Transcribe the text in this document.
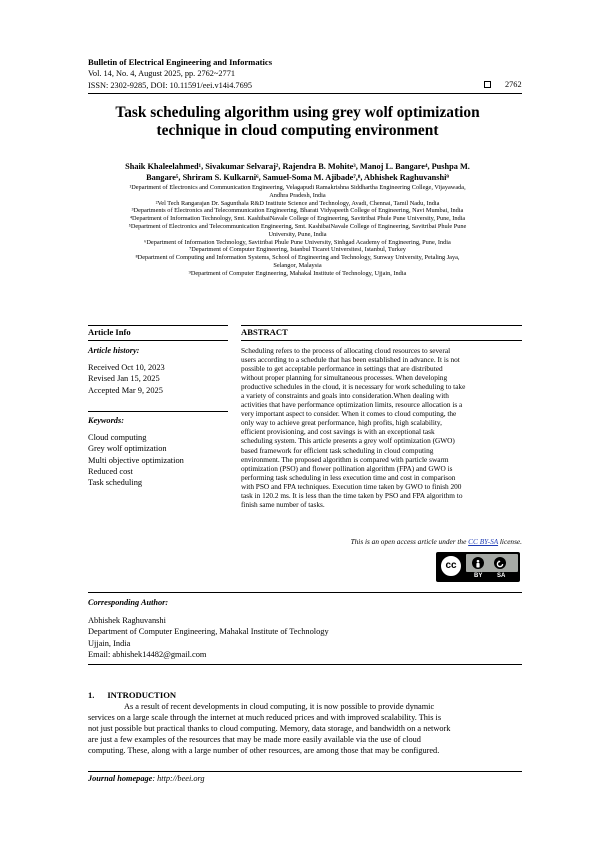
Bulletin of Electrical Engineering and Informatics
Vol. 14, No. 4, August 2025, pp. 2762~2771
ISSN: 2302-9285, DOI: 10.11591/eei.v14i4.7695	2762
Task scheduling algorithm using grey wolf optimization
technique in cloud computing environment
Shaik Khaleelahmed¹, Sivakumar Selvaraj², Rajendra B. Mohite³, Manoj L. Bangare⁴, Pushpa M.
Bangare⁵, Shriram S. Kulkarni⁶, Samuel-Soma M. Ajibade⁷,⁸, Abhishek Raghuvanshi⁹
¹Department of Electronics and Communication Engineering, Velagapudi Ramakrishna Siddhartha Engineering College, Vijayawada,
Andhra Pradesh, India
²Vel Tech Rangarajan Dr. Sagunthala R&D Institute Science and Technology, Avadi, Chennai, Tamil Nadu, India
³Departments of Electronics and Telecommunication Engineering, Bharati Vidyapeeth College of Engineering, Navi Mumbai, India
⁴Department of Information Technology, Smt. KashibaiNavale College of Engineering, Savitribai Phule Pune University, Pune, India
⁵Department of Electronics and Telecommunication Engineering, Smt. KashibaiNavale College of Engineering, Savitribai Phule Pune
University, Pune, India
⁶Department of Information Technology, Savitribai Phule Pune University, Sinhgad Academy of Engineering, Pune, India
⁷Department of Computer Engineering, Istanbul Ticaret Universitesi, Istanbul, Turkey
⁸Department of Computing and Information Systems, School of Engineering and Technology, Sunway University, Petaling Jaya,
Selangor, Malaysia
⁹Department of Computer Engineering, Mahakal Institute of Technology, Ujjain, India
Article Info
Article history:
Received Oct 10, 2023
Revised Jan 15, 2025
Accepted Mar 9, 2025
Keywords:
Cloud computing
Grey wolf optimization
Multi objective optimization
Reduced cost
Task scheduling
ABSTRACT
Scheduling refers to the process of allocating cloud resources to several
users according to a schedule that has been established in advance. It is not
possible to get acceptable performance in settings that are distributed
without proper planning for simultaneous processes. When developing
productive schedules in the cloud, it is necessary for work scheduling to take
a variety of constraints and goals into consideration.When dealing with
activities that have performance optimization limits, resource allocation is a
very important aspect to consider. When it comes to cloud computing, the
only way to achieve great performance, high profits, high scalability,
efficient provisioning, and cost savings is with an exceptional task
scheduling system. This article presents a grey wolf optimization (GWO)
based framework for efficient task scheduling in cloud computing
environment. The proposed algorithm is compared with particle swarm
optimization (PSO) and flower pollination algorithm (FPA) and GWO is
performing task scheduling in less execution time and cost in comparison
with PSO and FPA techniques. Execution time taken by GWO to finish 200
task in 120.2 ms. It is less than the time taken by PSO and FPA algorithm to
finish same number of tasks.
This is an open access article under the CC BY-SA license.
cc
BY SA
Corresponding Author:
Abhishek Raghuvanshi
Department of Computer Engineering, Mahakal Institute of Technology
Ujjain, India
Email: abhishek14482@gmail.com
1.      INTRODUCTION
As a result of recent developments in cloud computing, it is now possible to provide dynamic
services on a large scale through the internet at much reduced prices and with improved scalability. This is
not just possible but practical thanks to cloud computing. Memory, data storage, and bandwidth on a network
are just a few examples of the resources that may be made more easily available via the use of cloud
computing. These, along with a large number of other resources, are among those that may be configured.
Journal homepage: http://beei.org
